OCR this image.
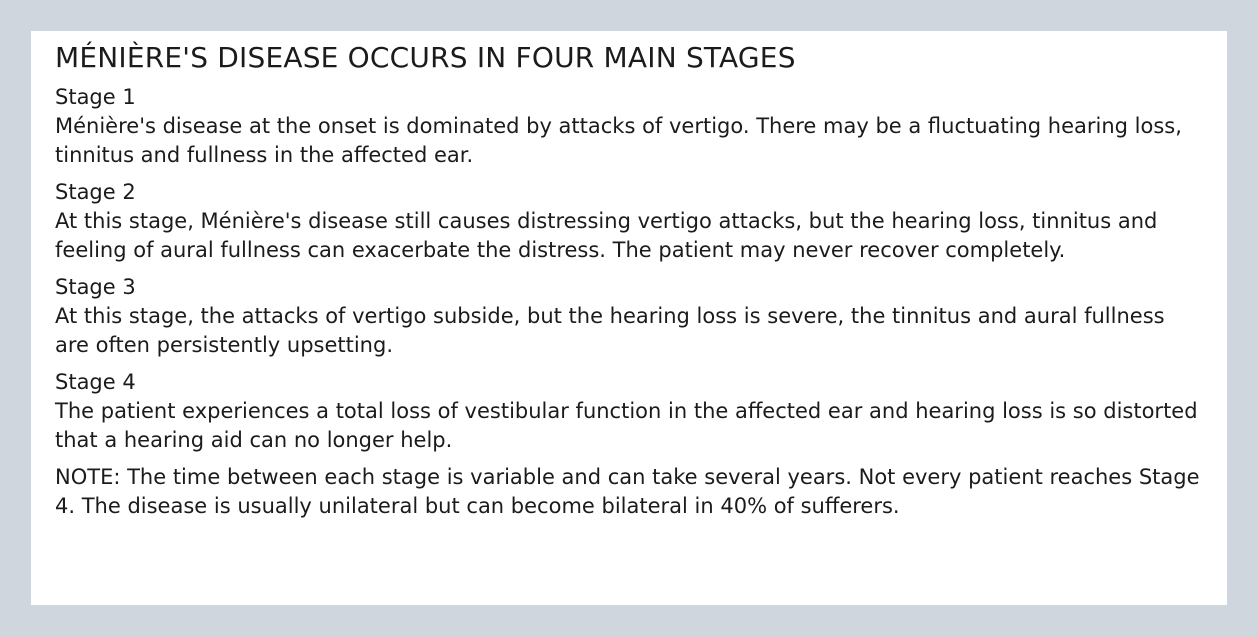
MÉNIÈRE'S DISEASE OCCURS IN FOUR MAIN STAGES

Stage 1

Ménière's disease at the onset is dominated by attacks of vertigo. There may be a fluctuating hearing loss, tinnitus and fullness in the affected ear.

Stage 2

At this stage, Ménière's disease still causes distressing vertigo attacks, but the hearing loss, tinnitus and feeling of aural fullness can exacerbate the distress. The patient may never recover completely.

Stage 3

At this stage, the attacks of vertigo subside, but the hearing loss is severe, the tinnitus and aural fullness are often persistently upsetting.

Stage 4

The patient experiences a total loss of vestibular function in the affected ear and hearing loss is so distorted that a hearing aid can no longer help.

NOTE: The time between each stage is variable and can take several years. Not every patient reaches Stage 4. The disease is usually unilateral but can become bilateral in 40% of sufferers.
